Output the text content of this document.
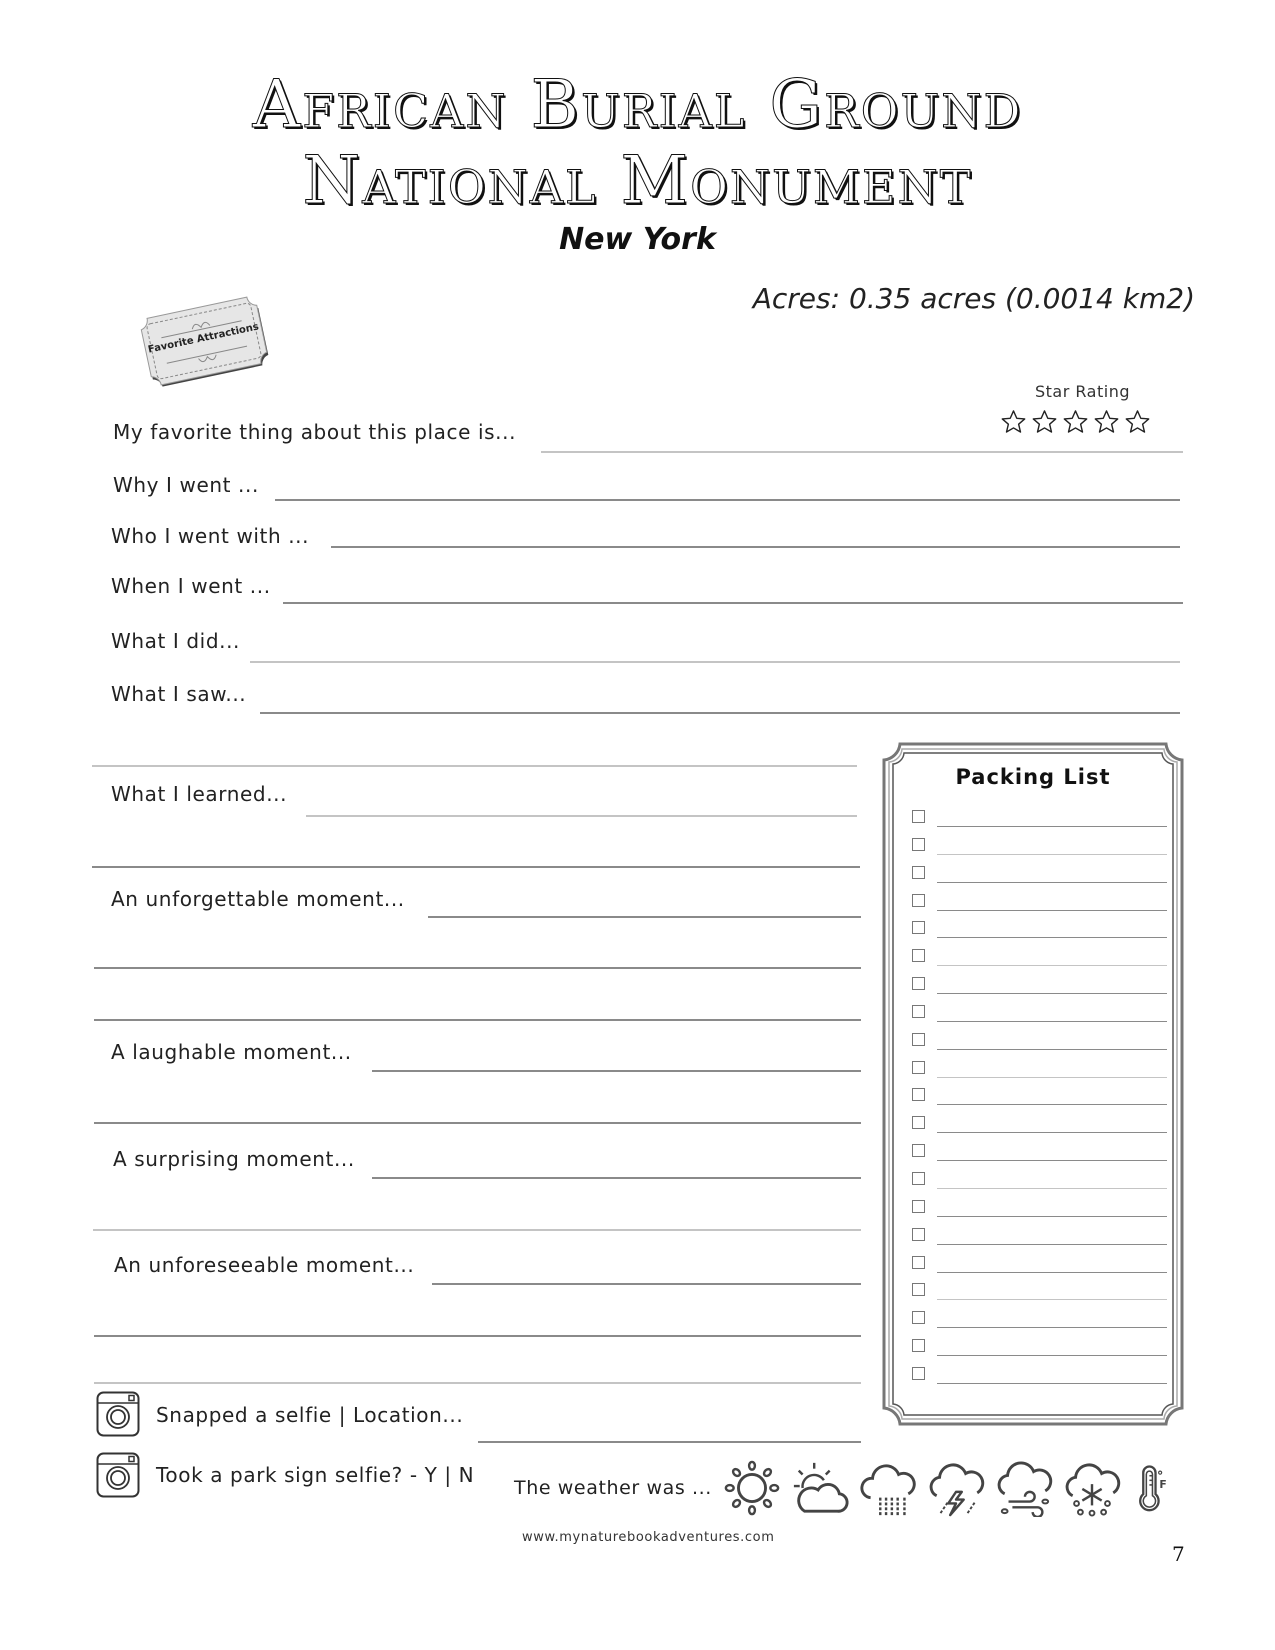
African Burial Ground
National Monument
New York
Acres: 0.35 acres (0.0014 km2)
Favorite Attractions
Star Rating
My favorite thing about this place is...
Why I went ...
Who I went with ...
When I went ...
What I did...
What I saw...
What I learned...
An unforgettable moment...
A laughable moment...
A surprising moment...
An unforeseeable moment...
Packing List
Snapped a selfie | Location...
Took a park sign selfie? - Y | N
The weather was ...	F
www.mynaturebookadventures.com
7
